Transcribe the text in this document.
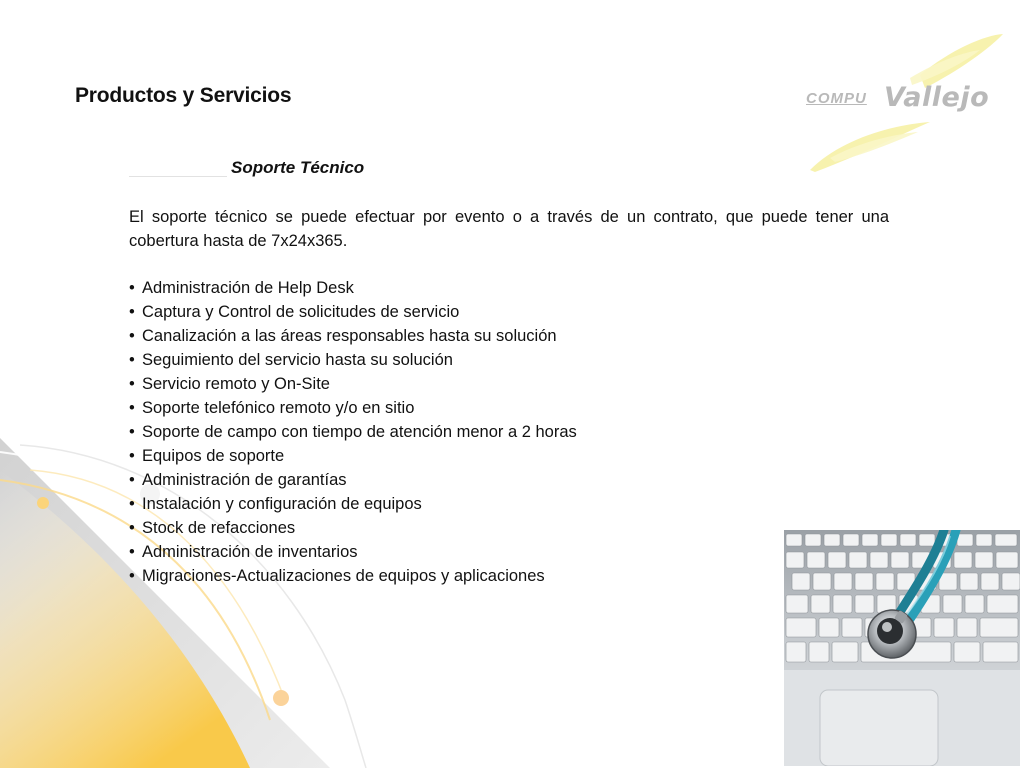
Productos y Servicios	COMPU Vallejo
Soporte Técnico

El soporte técnico se puede efectuar por evento o a través de un contrato, que puede tener una cobertura hasta de 7x24x365.

• Administración de Help Desk
• Captura y Control de solicitudes de servicio
• Canalización a las áreas responsables hasta su solución
• Seguimiento del servicio hasta su solución
• Servicio remoto y On-Site
• Soporte telefónico remoto y/o en sitio
• Soporte de campo con tiempo de atención menor a 2 horas
• Equipos de soporte
• Administración de garantías
• Instalación y configuración de equipos
• Stock de refacciones
• Administración de inventarios
• Migraciones-Actualizaciones de equipos y aplicaciones
